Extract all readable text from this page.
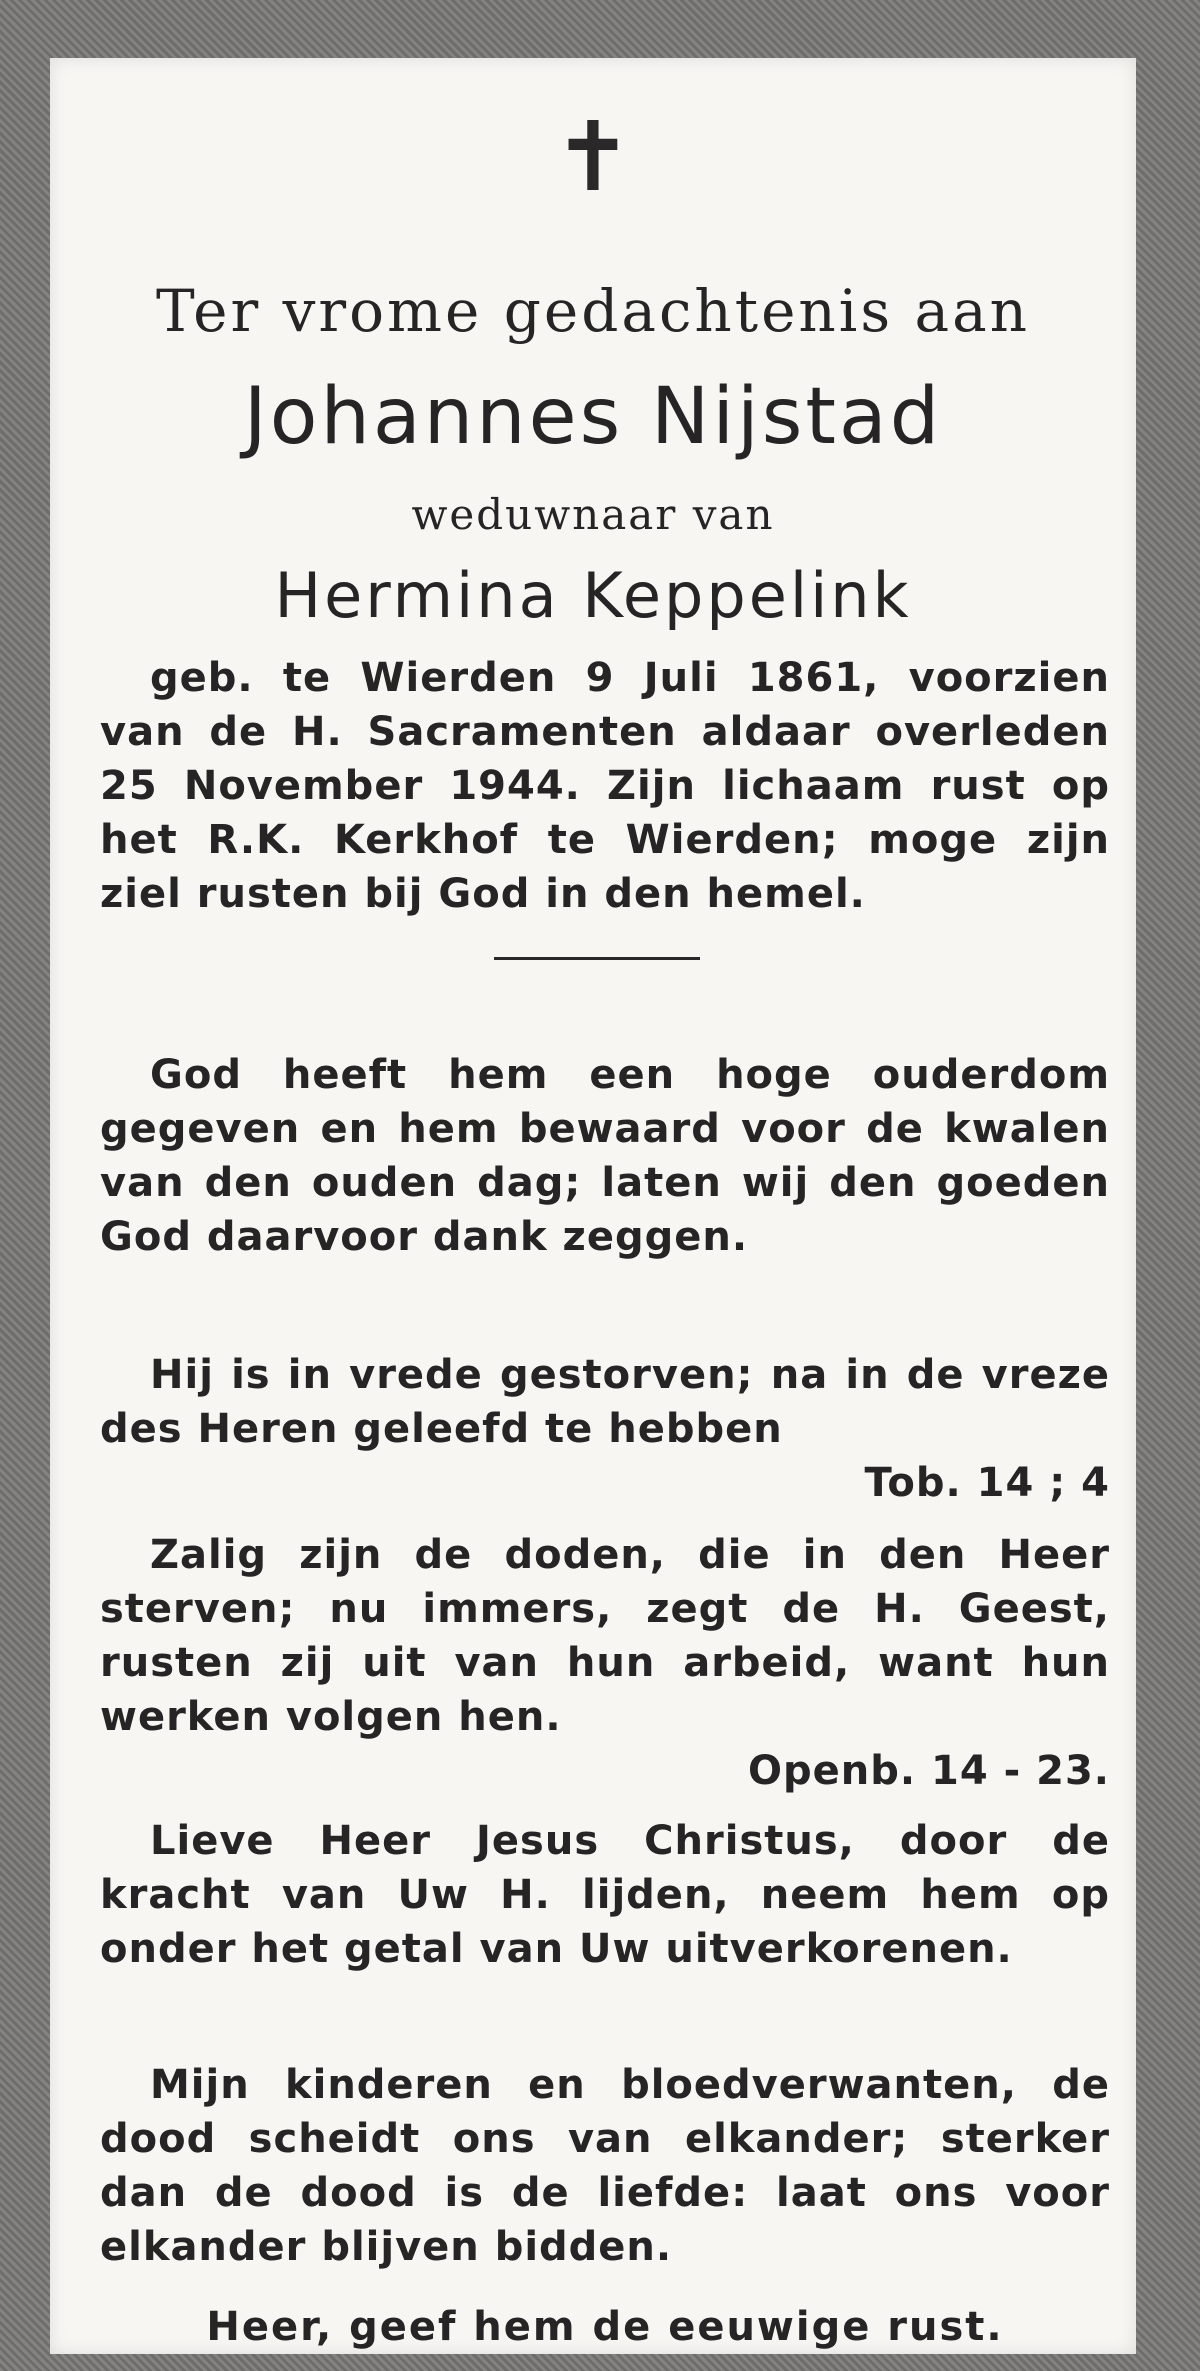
✝
Ter vrome gedachtenis aan
Johannes Nijstad
weduwnaar van
Hermina Keppelink
geb. te Wierden 9 Juli 1861, voorzien van de H. Sacramenten aldaar overleden 25 November 1944. Zijn lichaam rust op het R.K. Kerkhof te Wierden; moge zijn ziel rusten bij God in den hemel.
God heeft hem een hoge ouderdom gegeven en hem bewaard voor de kwalen van den ouden dag; laten wij den goeden God daarvoor dank zeggen.
Hij is in vrede gestorven; na in de vreze des Heren geleefd te hebben
Tob. 14 ; 4
Zalig zijn de doden, die in den Heer sterven; nu immers, zegt de H. Geest, rusten zij uit van hun arbeid, want hun werken volgen hen.
Openb. 14 - 23.
Lieve Heer Jesus Christus, door de kracht van Uw H. lijden, neem hem op onder het getal van Uw uitverkorenen.
Mijn kinderen en bloedverwanten, de dood scheidt ons van elkander; sterker dan de dood is de liefde: laat ons voor elkander blijven bidden.
Heer, geef hem de eeuwige rust.
